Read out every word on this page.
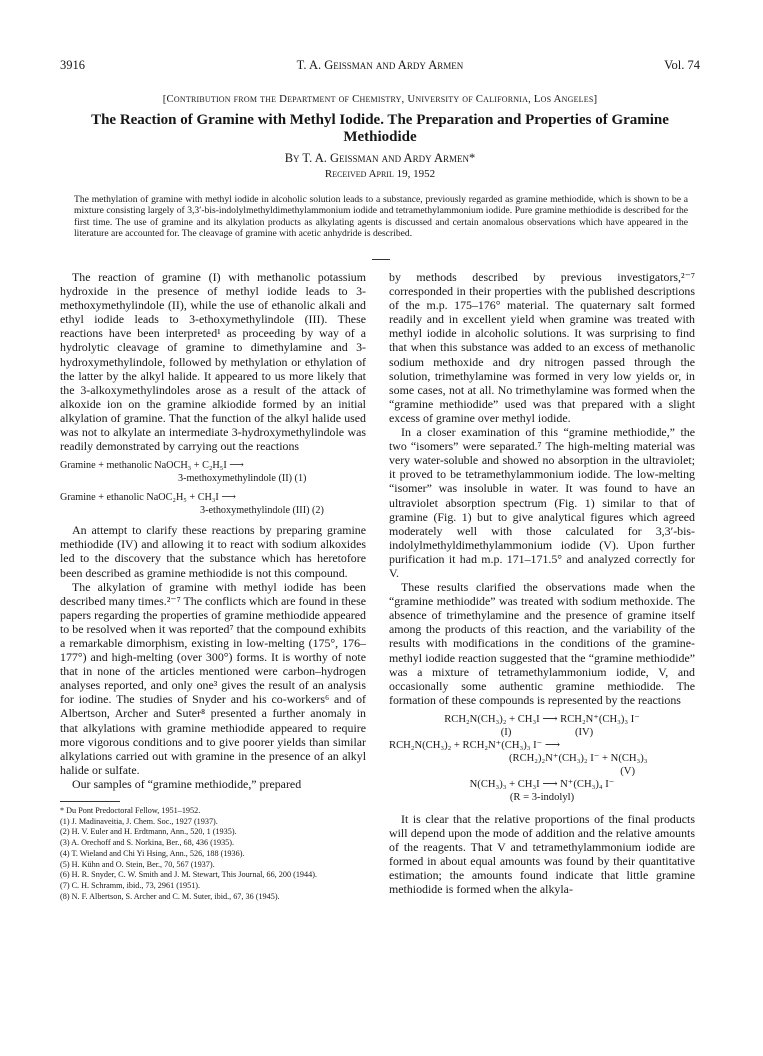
3916	T. A. Geissman and Ardy Armen	Vol. 74
[Contribution from the Department of Chemistry, University of California, Los Angeles]
The Reaction of Gramine with Methyl Iodide. The Preparation and Properties of Gramine Methiodide
By T. A. Geissman and Ardy Armen*
Received April 19, 1952
The methylation of gramine with methyl iodide in alcoholic solution leads to a substance, previously regarded as gramine methiodide, which is shown to be a mixture consisting largely of 3,3′-bis-indolylmethyldimethylammonium iodide and tetramethylammonium iodide. Pure gramine methiodide is described for the first time. The use of gramine and its alkylation products as alkylating agents is discussed and certain anomalous observations which have appeared in the literature are accounted for. The cleavage of gramine with acetic anhydride is described.

The reaction of gramine (I) with methanolic potassium hydroxide in the presence of methyl iodide leads to 3-methoxymethylindole (II), while the use of ethanolic alkali and ethyl iodide leads to 3-ethoxymethylindole (III). These reactions have been interpreted¹ as proceeding by way of a hydrolytic cleavage of gramine to dimethylamine and 3-hydroxymethylindole, followed by methylation or ethylation of the latter by the alkyl halide. It appeared to us more likely that the 3-alkoxymethylindoles arose as a result of the attack of alkoxide ion on the gramine alkiodide formed by an initial alkylation of gramine. That the function of the alkyl halide used was not to alkylate an intermediate 3-hydroxymethylindole was readily demonstrated by carrying out the reactions

Gramine + methanolic NaOCH₃ + C₂H₅I ⟶
3-methoxymethylindole (II) (1)
Gramine + ethanolic NaOC₂H₅ + CH₃I ⟶
3-ethoxymethylindole (III) (2)

An attempt to clarify these reactions by preparing gramine methiodide (IV) and allowing it to react with sodium alkoxides led to the discovery that the substance which has heretofore been described as gramine methiodide is not this compound.

The alkylation of gramine with methyl iodide has been described many times.²⁻⁷ The conflicts which are found in these papers regarding the properties of gramine methiodide appeared to be resolved when it was reported⁷ that the compound exhibits a remarkable dimorphism, existing in low-melting (175°, 176–177°) and high-melting (over 300°) forms. It is worthy of note that in none of the articles mentioned were carbon–hydrogen analyses reported, and only one³ gives the result of an analysis for iodine. The studies of Snyder and his co-workers⁶ and of Albertson, Archer and Suter⁸ presented a further anomaly in that alkylations with gramine methiodide appeared to require more vigorous conditions and to give poorer yields than similar alkylations carried out with gramine in the presence of an alkyl halide or sulfate.

Our samples of “gramine methiodide,” prepared

* Du Pont Predoctoral Fellow, 1951–1952.
(1) J. Madinaveitia, J. Chem. Soc., 1927 (1937).
(2) H. V. Euler and H. Erdtmann, Ann., 520, 1 (1935).
(3) A. Orechoff and S. Norkina, Ber., 68, 436 (1935).
(4) T. Wieland and Chi Yi Hsing, Ann., 526, 188 (1936).
(5) H. Kühn and O. Stein, Ber., 70, 567 (1937).
(6) H. R. Snyder, C. W. Smith and J. M. Stewart, This Journal, 66, 200 (1944).
(7) C. H. Schramm, ibid., 73, 2961 (1951).
(8) N. F. Albertson, S. Archer and C. M. Suter, ibid., 67, 36 (1945).

by methods described by previous investigators,²⁻⁷ corresponded in their properties with the published descriptions of the m.p. 175–176° material. The quaternary salt formed readily and in excellent yield when gramine was treated with methyl iodide in alcoholic solutions. It was surprising to find that when this substance was added to an excess of methanolic sodium methoxide and dry nitrogen passed through the solution, trimethylamine was formed in very low yields or, in some cases, not at all. No trimethylamine was formed when the “gramine methiodide” used was that prepared with a slight excess of gramine over methyl iodide.

In a closer examination of this “gramine methiodide,” the two “isomers” were separated.⁷ The high-melting material was very water-soluble and showed no absorption in the ultraviolet; it proved to be tetramethylammonium iodide. The low-melting “isomer” was insoluble in water. It was found to have an ultraviolet absorption spectrum (Fig. 1) similar to that of gramine (Fig. 1) but to give analytical figures which agreed moderately well with those calculated for 3,3′-bis-indolylmethyldimethylammonium iodide (V). Upon further purification it had m.p. 171–171.5° and analyzed correctly for V.

These results clarified the observations made when the “gramine methiodide” was treated with sodium methoxide. The absence of trimethylamine and the presence of gramine itself among the products of this reaction, and the variability of the results with modifications in the conditions of the gramine-methyl iodide reaction suggested that the “gramine methiodide” was a mixture of tetramethylammonium iodide, V, and occasionally some authentic gramine methiodide. The formation of these compounds is represented by the reactions

RCH₂N(CH₃)₂ + CH₃I ⟶ RCH₂N⁺(CH₃)₃ I⁻
(I)	(IV)
RCH₂N(CH₃)₂ + RCH₂N⁺(CH₃)₃ I⁻ ⟶
(RCH₂)₂N⁺(CH₃)₂ I⁻ + N(CH₃)₃
(V)
N(CH₃)₃ + CH₃I ⟶ N⁺(CH₃)₄ I⁻
(R = 3-indolyl)

It is clear that the relative proportions of the final products will depend upon the mode of addition and the relative amounts of the reagents. That V and tetramethylammonium iodide are formed in about equal amounts was found by their quantitative estimation; the amounts found indicate that little gramine methiodide is formed when the alkyla-
